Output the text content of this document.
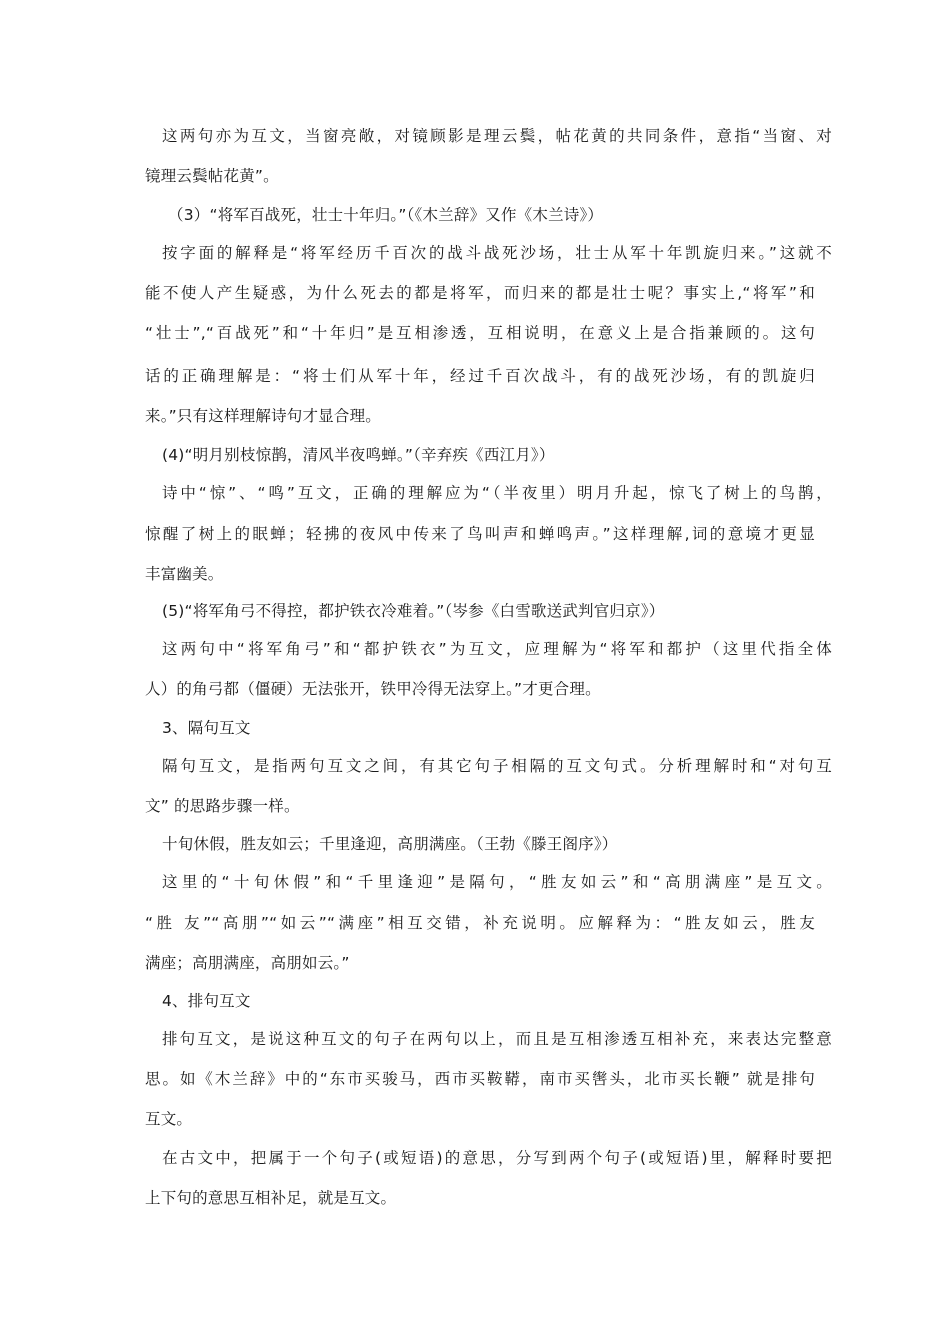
这两句亦为互文，当窗亮敞，对镜顾影是理云鬓，帖花黄的共同条件，意指“当窗、对
镜理云鬓帖花黄”。
（3）“将军百战死，壮士十年归。”（《木兰辞》又作《木兰诗》）
按字面的解释是“将军经历千百次的战斗战死沙场，壮士从军十年凯旋归来。”这就不
能不使人产生疑惑，为什么死去的都是将军，而归来的都是壮士呢？事实上,“将军”和
“壮士”,“百战死”和“十年归”是互相渗透，互相说明，在意义上是合指兼顾的。这句
话的正确理解是：“将士们从军十年，经过千百次战斗，有的战死沙场，有的凯旋归
来。”只有这样理解诗句才显合理。
(4)“明月别枝惊鹊，清风半夜鸣蝉。”（辛弃疾《西江月》）
诗中“惊”、“鸣”互文，正确的理解应为“（半夜里）明月升起，惊飞了树上的鸟鹊，
惊醒了树上的眠蝉；轻拂的夜风中传来了鸟叫声和蝉鸣声。”这样理解,词的意境才更显
丰富幽美。
(5)“将军角弓不得控，都护铁衣冷难着。”（岑参《白雪歌送武判官归京》）
这两句中“将军角弓”和“都护铁衣”为互文，应理解为“将军和都护（这里代指全体
人）的角弓都（僵硬）无法张开，铁甲冷得无法穿上。”才更合理。
3、隔句互文
隔句互文，是指两句互文之间，有其它句子相隔的互文句式。分析理解时和“对句互
文” 的思路步骤一样。
十旬休假，胜友如云；千里逢迎，高朋满座。（王勃《滕王阁序》）
这里的“十旬休假”和“千里逢迎”是隔句，“胜友如云”和“高朋满座”是互文。
“胜 友”“高朋”“如云”“满座”相互交错，补充说明。应解释为：“胜友如云，胜友
满座；高朋满座，高朋如云。”
4、排句互文
排句互文，是说这种互文的句子在两句以上，而且是互相渗透互相补充，来表达完整意
思。如《木兰辞》中的“东市买骏马，西市买鞍鞯，南市买辔头，北市买长鞭” 就是排句
互文。
在古文中，把属于一个句子(或短语)的意思，分写到两个句子(或短语)里，解释时要把
上下句的意思互相补足，就是互文。
